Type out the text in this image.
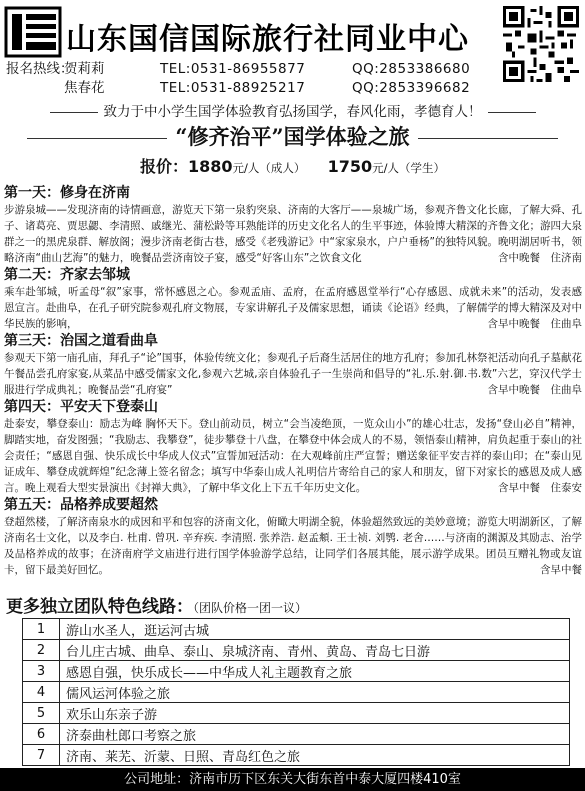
山东国信国际旅行社同业中心
报名热线：
贺莉莉	TEL:0531-86955877	QQ:2853386680
焦春花	TEL:0531-88925217	QQ:2853396682
致力于中小学生国学体验教育弘扬国学，春风化雨，孝德育人！
“修齐治平”国学体验之旅
报价：1880元/人（成人） 1750元/人（学生）
第一天：修身在济南

步游泉城——发现济南的诗情画意，游览天下第一泉豹突泉、济南的大客厅——泉城广场，参观齐鲁文化长廊，了解大舜、孔子、诸葛亮、贾思勰、李清照、戚继光、蒲松龄等耳熟能详的历史文化名人的生平事迹，体验博大精深的齐鲁文化；游四大泉群之一的黑虎泉群、解放阁；漫步济南老街古巷，感受《老残游记》中“家家泉水，户户垂杨”的独特风貌。晚明湖居听书，领略济南“曲山艺海”的魅力，晚餐品尝济南饺子宴，感受“好客山东”之饮食文化	含中晚餐　住济南

第二天：齐家去邹城

乘车赴邹城，听孟母“叙”家事，常怀感恩之心。参观孟庙、孟府，在孟府感恩堂举行“心存感恩、成就未来”的活动，发表感恩宣言。赴曲阜，在孔子研究院参观孔府文物展，专家讲解孔子及儒家思想，诵读《论语》经典，了解儒学的博大精深及对中华民族的影响，	含早中晚餐　住曲阜

第三天：治国之道看曲阜

参观天下第一庙孔庙，拜孔子“论”国事，体验传统文化；参观孔子后裔生活居住的地方孔府；参加孔林祭祀活动向孔子墓献花午餐品尝孔府家宴,从菜品中感受儒家文化,参观六艺城,亲自体验孔子一生崇尚和倡导的“礼.乐.射.御.书.数”六艺，穿汉代学士服进行学成典礼；晚餐品尝“孔府宴”	含早中晚餐　住曲阜

第四天：平安天下登泰山

赴泰安，攀登泰山：励志为峰 胸怀天下。登山前动员，树立“会当凌绝顶，一览众山小”的雄心壮志，发扬“登山必自”精神，脚踏实地，奋发图强；“我励志、我攀登”，徒步攀登十八盘，在攀登中体会成人的不易，领悟泰山精神，肩负起重于泰山的社会责任；“感恩自强、快乐成长中华成人仪式”宣誓加冠活动：在大观峰前庄严宣誓；赠送象征平安吉祥的泰山印；在“泰山见证成年、攀登成就辉煌”纪念薄上签名留念；填写中华泰山成人礼明信片寄给自己的家人和朋友，留下对家长的感恩及成人感言。晚上观看大型实景演出《封禅大典》，了解中华文化上下五千年历史文化。	含早中餐　住泰安

第五天：品格养成要超然

登超然楼，了解济南泉水的成因和平和包容的济南文化，俯瞰大明湖全貌，体验超然致远的美妙意境；游览大明湖新区，了解济南名士文化，以及李白. 杜甫. 曾巩. 辛弃疾. 李清照. 张养浩. 赵孟頫. 王士祯. 刘鹗. 老舍……与济南的渊源及其励志、治学及品格养成的故事；在济南府学文庙进行进行国学体验游学总结，让同学们各展其能，展示游学成果。团员互赠礼物或友谊卡，留下最美好回忆。	含早中餐

更多独立团队特色线路：（团队价格一团一议）
1	游山水圣人，逛运河古城
2	台儿庄古城、曲阜、泰山、泉城济南、青州、黄岛、青岛七日游
3	感恩自强，快乐成长——中华成人礼主题教育之旅
4	儒风运河体验之旅
5	欢乐山东亲子游
6	济泰曲杜郎口考察之旅
7	济南、莱芜、沂蒙、日照、青岛红色之旅
公司地址：济南市历下区东关大街东首中泰大厦四楼410室
